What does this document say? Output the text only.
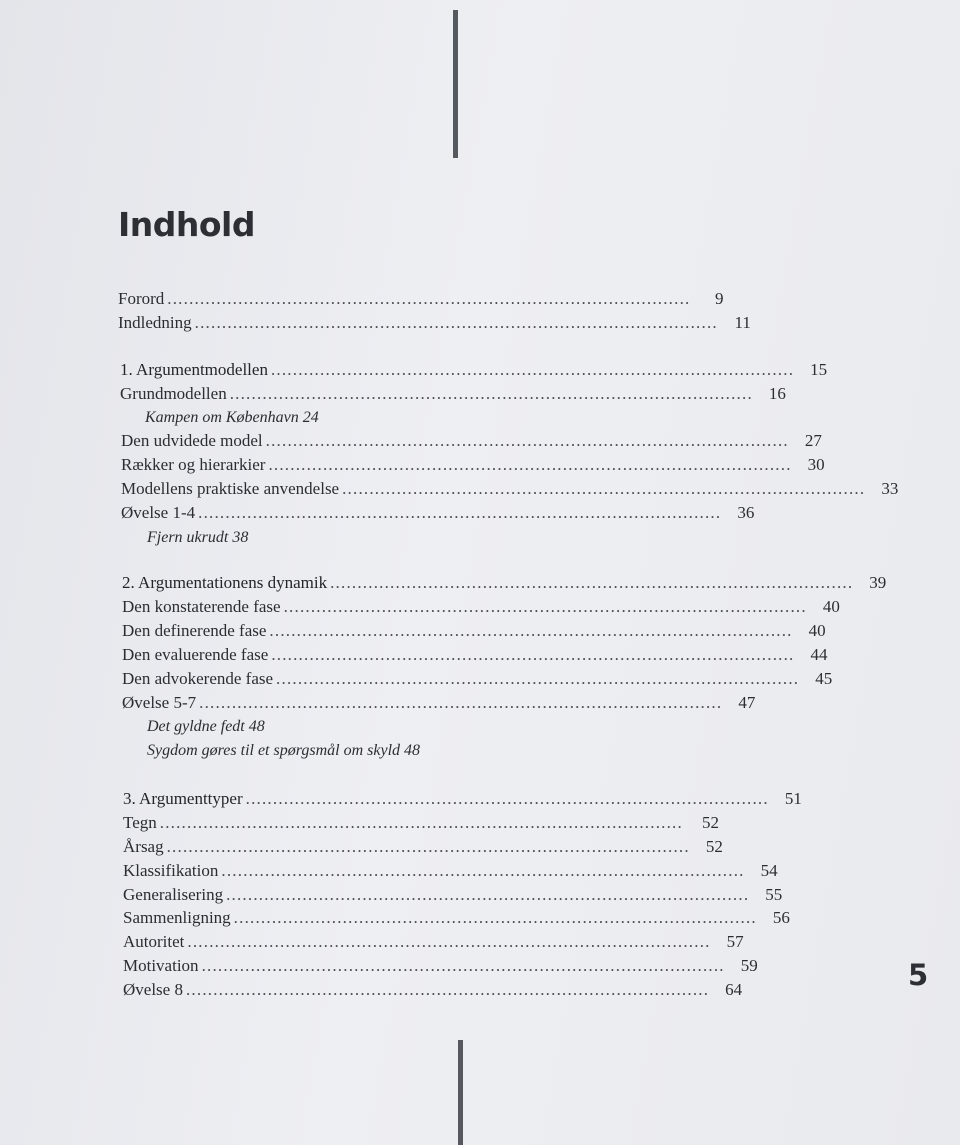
Indhold
Forord ................................................................................................	9
Indledning ................................................................................................ 11
1. Argumentmodellen ................................................................................................ 15
Grundmodellen ................................................................................................ 16
Kampen om København 24
Den udvidede model ................................................................................................ 27
Rækker og hierarkier ................................................................................................ 30
Modellens praktiske anvendelse ................................................................................................ 33
Øvelse 1-4 ................................................................................................ 36
Fjern ukrudt 38
2. Argumentationens dynamik ................................................................................................ 39
Den konstaterende fase ................................................................................................ 40
Den definerende fase ................................................................................................ 40
Den evaluerende fase ................................................................................................ 44
Den advokerende fase ................................................................................................ 45
Øvelse 5-7 ................................................................................................ 47
Det gyldne fedt 48
Sygdom gøres til et spørgsmål om skyld 48
3. Argumenttyper ................................................................................................ 51
Tegn ................................................................................................	52
Årsag ................................................................................................ 52
Klassifikation ................................................................................................ 54
Generalisering ................................................................................................ 55
Sammenligning ................................................................................................ 56
Autoritet ................................................................................................ 57
Motivation ................................................................................................ 59
Øvelse 8 ................................................................................................ 64	5
